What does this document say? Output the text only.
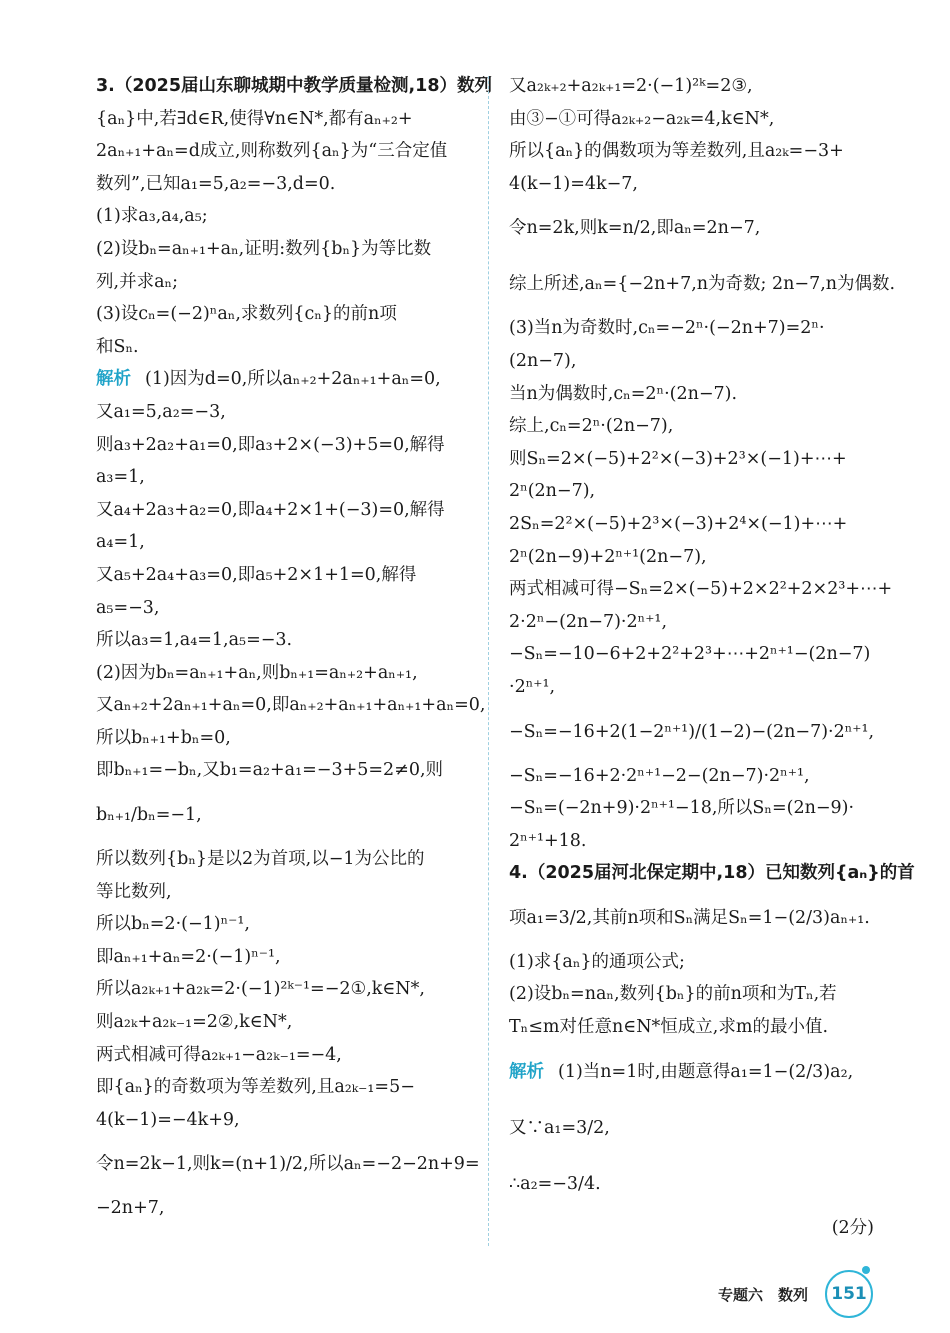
3.（2025届山东聊城期中教学质量检测,18）数列
{aₙ}中,若∃d∈R,使得∀n∈N*,都有aₙ₊₂+
2aₙ₊₁+aₙ=d成立,则称数列{aₙ}为“三合定值
数列”,已知a₁=5,a₂=−3,d=0.
(1)求a₃,a₄,a₅;
(2)设bₙ=aₙ₊₁+aₙ,证明:数列{bₙ}为等比数
列,并求aₙ;
(3)设cₙ=(−2)ⁿaₙ,求数列{cₙ}的前n项
和Sₙ.
解析 (1)因为d=0,所以aₙ₊₂+2aₙ₊₁+aₙ=0,
又a₁=5,a₂=−3,
则a₃+2a₂+a₁=0,即a₃+2×(−3)+5=0,解得
a₃=1,
又a₄+2a₃+a₂=0,即a₄+2×1+(−3)=0,解得
a₄=1,
又a₅+2a₄+a₃=0,即a₅+2×1+1=0,解得
a₅=−3,
所以a₃=1,a₄=1,a₅=−3.
(2)因为bₙ=aₙ₊₁+aₙ,则bₙ₊₁=aₙ₊₂+aₙ₊₁,
又aₙ₊₂+2aₙ₊₁+aₙ=0,即aₙ₊₂+aₙ₊₁+aₙ₊₁+aₙ=0,
所以bₙ₊₁+bₙ=0,
即bₙ₊₁=−bₙ,又b₁=a₂+a₁=−3+5=2≠0,则
bₙ₊₁/bₙ=−1,
所以数列{bₙ}是以2为首项,以−1为公比的
等比数列,
所以bₙ=2·(−1)ⁿ⁻¹,
即aₙ₊₁+aₙ=2·(−1)ⁿ⁻¹,
所以a₂ₖ₊₁+a₂ₖ=2·(−1)²ᵏ⁻¹=−2①,k∈N*,
则a₂ₖ+a₂ₖ₋₁=2②,k∈N*,
两式相减可得a₂ₖ₊₁−a₂ₖ₋₁=−4,
即{aₙ}的奇数项为等差数列,且a₂ₖ₋₁=5−
4(k−1)=−4k+9,
令n=2k−1,则k=(n+1)/2,所以aₙ=−2−2n+9=
−2n+7,
又a₂ₖ₊₂+a₂ₖ₊₁=2·(−1)²ᵏ=2③,
由③−①可得a₂ₖ₊₂−a₂ₖ=4,k∈N*,
所以{aₙ}的偶数项为等差数列,且a₂ₖ=−3+
4(k−1)=4k−7,
令n=2k,则k=n/2,即aₙ=2n−7,
综上所述,aₙ={−2n+7,n为奇数; 2n−7,n为偶数.
(3)当n为奇数时,cₙ=−2ⁿ·(−2n+7)=2ⁿ·
(2n−7),
当n为偶数时,cₙ=2ⁿ·(2n−7).
综上,cₙ=2ⁿ·(2n−7),
则Sₙ=2×(−5)+2²×(−3)+2³×(−1)+⋯+
2ⁿ(2n−7),
2Sₙ=2²×(−5)+2³×(−3)+2⁴×(−1)+⋯+
2ⁿ(2n−9)+2ⁿ⁺¹(2n−7),
两式相减可得−Sₙ=2×(−5)+2×2²+2×2³+⋯+
2·2ⁿ−(2n−7)·2ⁿ⁺¹,
−Sₙ=−10−6+2+2²+2³+⋯+2ⁿ⁺¹−(2n−7)
·2ⁿ⁺¹,
−Sₙ=−16+2(1−2ⁿ⁺¹)/(1−2)−(2n−7)·2ⁿ⁺¹,
−Sₙ=−16+2·2ⁿ⁺¹−2−(2n−7)·2ⁿ⁺¹,
−Sₙ=(−2n+9)·2ⁿ⁺¹−18,所以Sₙ=(2n−9)·
2ⁿ⁺¹+18.
4.（2025届河北保定期中,18）已知数列{aₙ}的首
项a₁=3/2,其前n项和Sₙ满足Sₙ=1−(2/3)aₙ₊₁.
(1)求{aₙ}的通项公式;
(2)设bₙ=naₙ,数列{bₙ}的前n项和为Tₙ,若
Tₙ≤m对任意n∈N*恒成立,求m的最小值.
解析 (1)当n=1时,由题意得a₁=1−(2/3)a₂,
又∵a₁=3/2,
∴a₂=−3/4.
(2分)
专题六　数列 151
